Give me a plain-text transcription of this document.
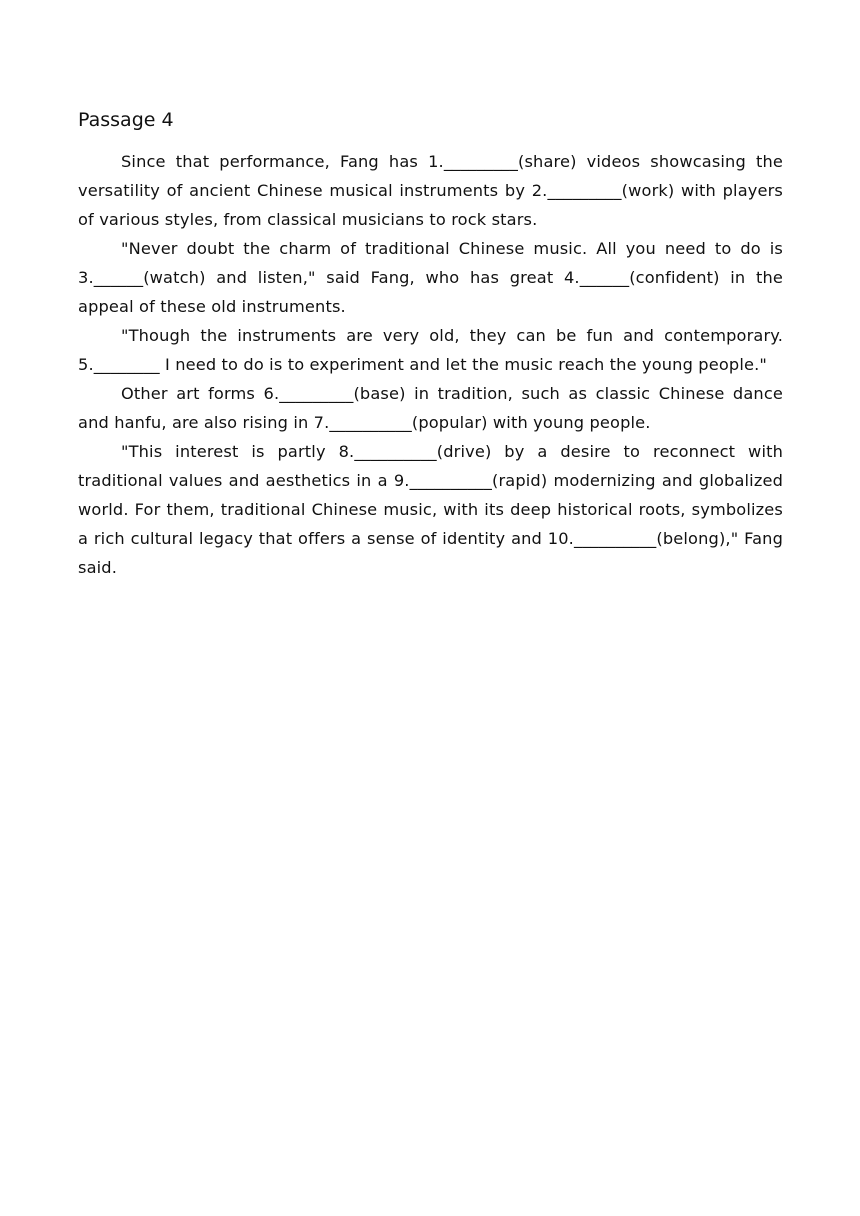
Passage 4

Since that performance, Fang has 1._________(share) videos showcasing the versatility of ancient Chinese musical instruments by 2._________(work) with players of various styles, from classical musicians to rock stars.

"Never doubt the charm of traditional Chinese music. All you need to do is 3.______(watch) and listen," said Fang, who has great 4.______(confident) in the appeal of these old instruments.

"Though the instruments are very old, they can be fun and contemporary. 5.________ I need to do is to experiment and let the music reach the young people."

Other art forms 6._________(base) in tradition, such as classic Chinese dance and hanfu, are also rising in 7.__________(popular) with young people.

"This interest is partly 8.__________(drive) by a desire to reconnect with traditional values and aesthetics in a 9.__________(rapid) modernizing and globalized world. For them, traditional Chinese music, with its deep historical roots, symbolizes a rich cultural legacy that offers a sense of identity and 10.__________(belong)," Fang said.
